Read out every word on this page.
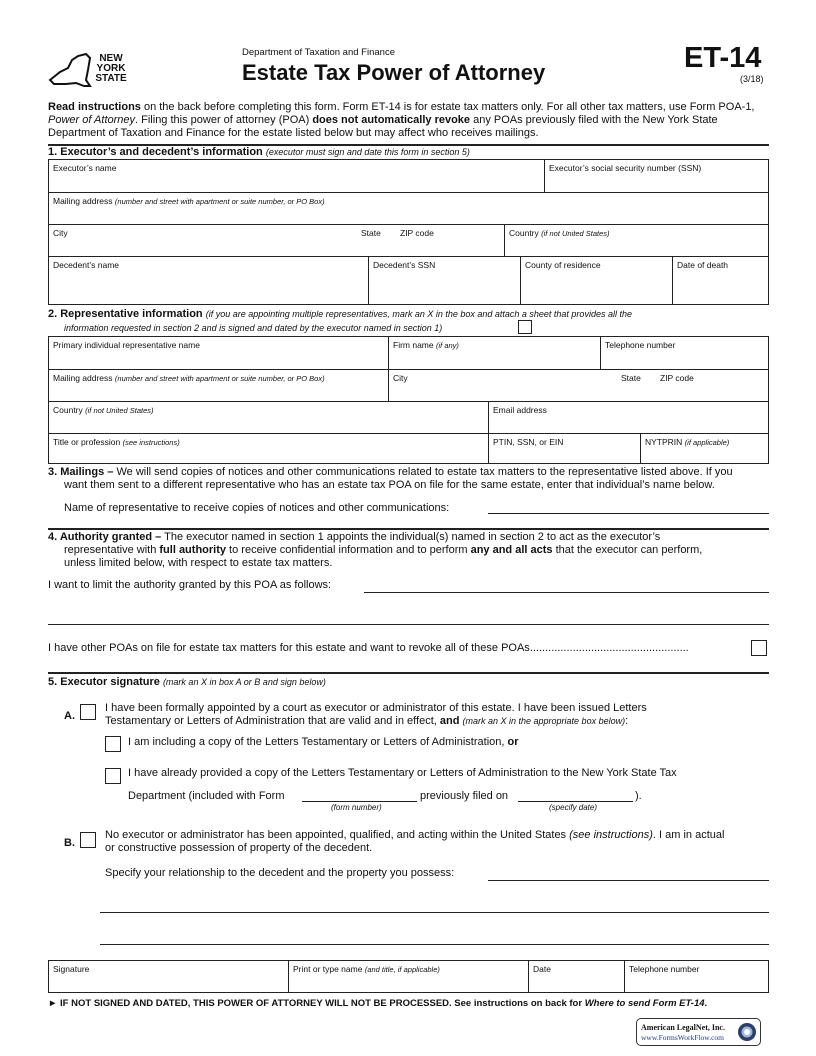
NEW
YORK
STATE
Department of Taxation and Finance
Estate Tax Power of Attorney	ET-14
(3/18)
Read instructions on the back before completing this form. Form ET-14 is for estate tax matters only. For all other tax matters, use Form POA-1, Power of Attorney. Filing this power of attorney (POA) does not automatically revoke any POAs previously filed with the New York State Department of Taxation and Finance for the estate listed below but may affect who receives mailings.
1. Executor’s and decedent’s information (executor must sign and date this form in section 5)
Executor’s name	Executor’s social security number (SSN)
Mailing address (number and street with apartment or suite number, or PO Box)
City	State ZIP code	Country (if not United States)
Decedent’s name	Decedent’s SSN	County of residence	Date of death
2. Representative information (if you are appointing multiple representatives, mark an X in the box and attach a sheet that provides all the
information requested in section 2 and is signed and dated by the executor named in section 1)
Primary individual representative name	Firm name (if any)	Telephone number
Mailing address (number and street with apartment or suite number, or PO Box)	City	State ZIP code
Country (if not United States)	Email address
Title or profession (see instructions)	PTIN, SSN, or EIN	NYTPRIN (if applicable)
3. Mailings – We will send copies of notices and other communications related to estate tax matters to the representative listed above. If you
want them sent to a different representative who has an estate tax POA on file for the same estate, enter that individual’s name below.
Name of representative to receive copies of notices and other communications:
4. Authority granted – The executor named in section 1 appoints the individual(s) named in section 2 to act as the executor’s
representative with full authority to receive confidential information and to perform any and all acts that the executor can perform,
unless limited below, with respect to estate tax matters.
I want to limit the authority granted by this POA as follows:
I have other POAs on file for estate tax matters for this estate and want to revoke all of these POAs....................................................
5. Executor signature (mark an X in box A or B and sign below)
A.
I have been formally appointed by a court as executor or administrator of this estate. I have been issued Letters
Testamentary or Letters of Administration that are valid and in effect, and (mark an X in the appropriate box below):
I am including a copy of the Letters Testamentary or Letters of Administration, or
I have already provided a copy of the Letters Testamentary or Letters of Administration to the New York State Tax
Department (included with Form
(form number)
previously filed on
(specify date)
).
B.
No executor or administrator has been appointed, qualified, and acting within the United States (see instructions). I am in actual
or constructive possession of property of the decedent.
Specify your relationship to the decedent and the property you possess:
Signature	Print or type name (and title, if applicable)	Date	Telephone number
► IF NOT SIGNED AND DATED, THIS POWER OF ATTORNEY WILL NOT BE PROCESSED. See instructions on back for Where to send Form ET-14.
American LegalNet, Inc.
www.FormsWorkFlow.com
